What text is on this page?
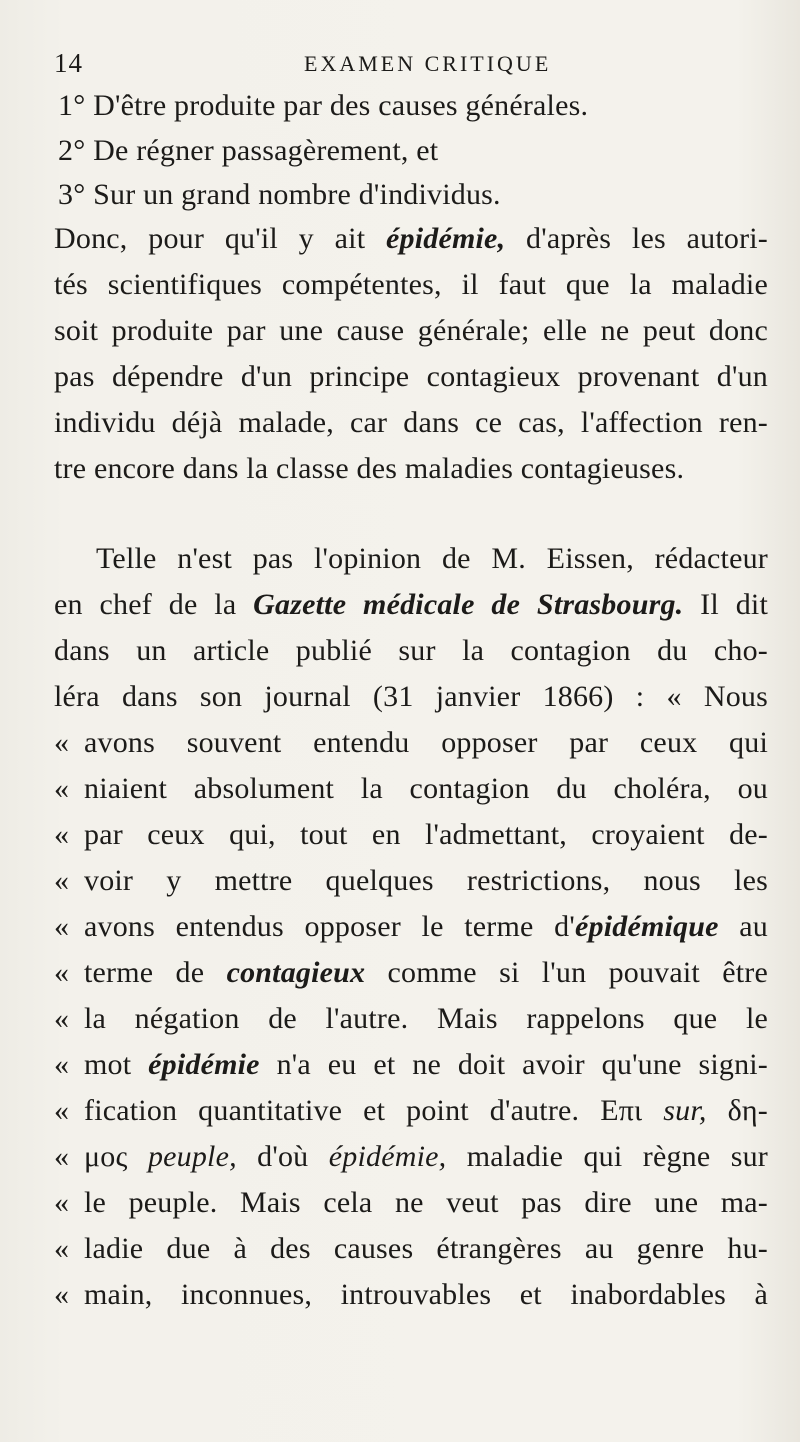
14	EXAMEN CRITIQUE
1° D'être produite par des causes générales.
2° De régner passagèrement, et
3° Sur un grand nombre d'individus.
Donc, pour qu'il y ait épidémie, d'après les autori-
tés scientifiques compétentes, il faut que la maladie
soit produite par une cause générale; elle ne peut donc
pas dépendre d'un principe contagieux provenant d'un
individu déjà malade, car dans ce cas, l'affection ren-
tre encore dans la classe des maladies contagieuses.
Telle n'est pas l'opinion de M. Eissen, rédacteur
en chef de la Gazette médicale de Strasbourg. Il dit
dans un article publié sur la contagion du cho-
léra dans son journal (31 janvier 1866) : « Nous
« avons souvent entendu opposer par ceux qui
« niaient absolument la contagion du choléra, ou
« par ceux qui, tout en l'admettant, croyaient de-
« voir y mettre quelques restrictions, nous les
« avons entendus opposer le terme d'épidémique au
« terme de contagieux comme si l'un pouvait être
« la négation de l'autre. Mais rappelons que le
« mot épidémie n'a eu et ne doit avoir qu'une signi-
« fication quantitative et point d'autre. Επι sur, δη-
« μος peuple, d'où épidémie, maladie qui règne sur
« le peuple. Mais cela ne veut pas dire une ma-
« ladie due à des causes étrangères au genre hu-
« main, inconnues, introuvables et inabordables à
